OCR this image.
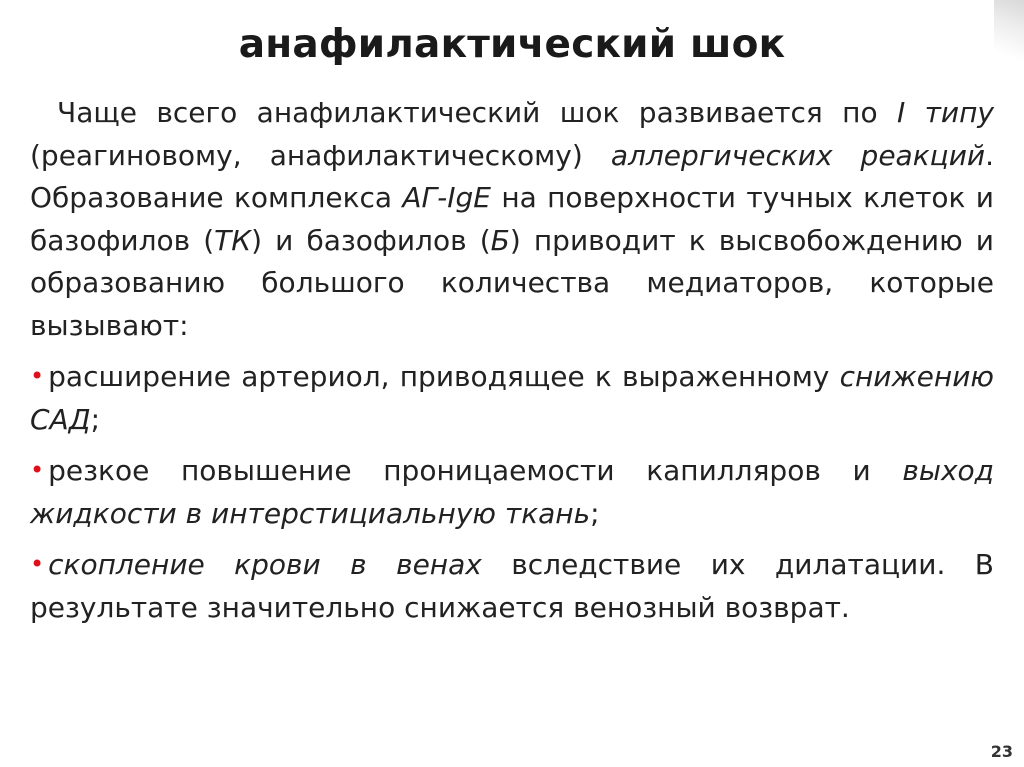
анафилактический шок

Чаще всего анафилактический шок развивается по I типу (реагиновому, анафилактическому) аллергических реакций. Образование комплекса АГ-IgE на поверхности тучных клеток и базофилов (ТК) и базофилов (Б) приводит к высвобождению и образованию большого количества медиаторов, которые вызывают:

• расширение артериол, приводящее к выраженному снижению САД;

• резкое повышение проницаемости капилляров и выход жидкости в интерстициальную ткань;

• скопление крови в венах вследствие их дилатации. В результате значительно снижается венозный возврат.

23
